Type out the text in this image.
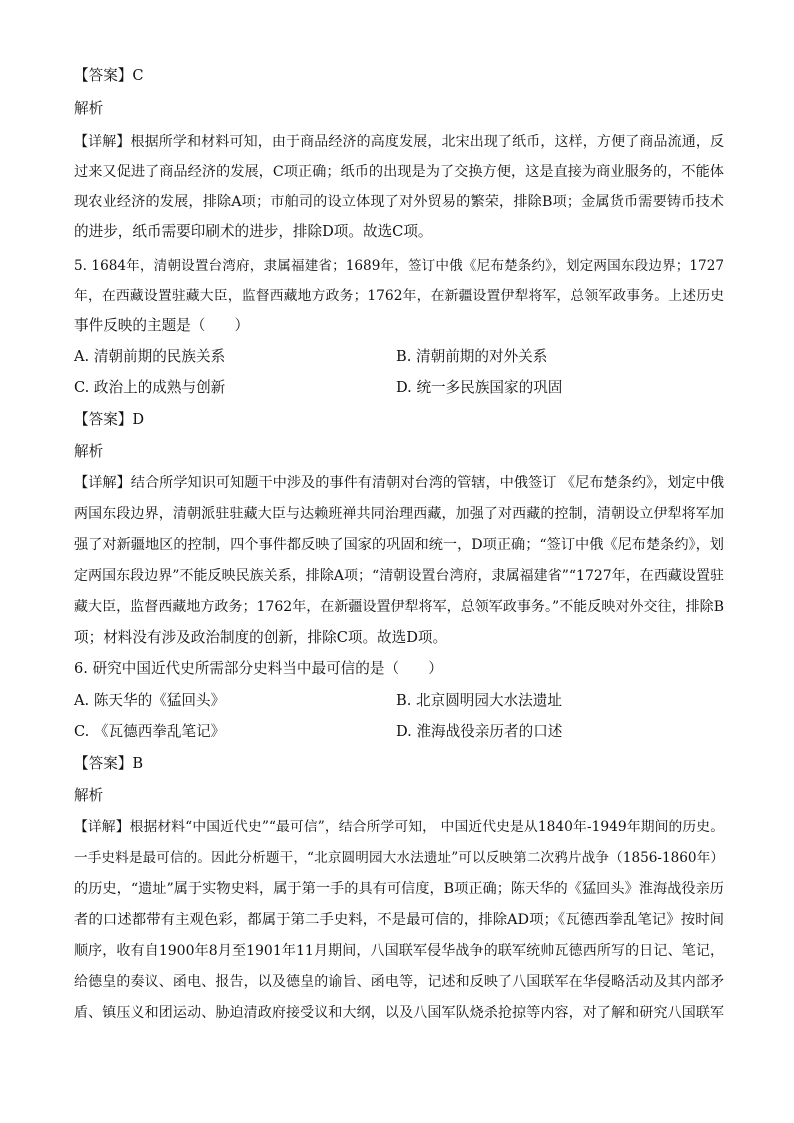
【答案】C
解析
【详解】根据所学和材料可知，由于商品经济的高度发展，北宋出现了纸币，这样，方便了商品流通，反
过来又促进了商品经济的发展，C项正确；纸币的出现是为了交换方便，这是直接为商业服务的，不能体
现农业经济的发展，排除A项；市舶司的设立体现了对外贸易的繁荣，排除B项；金属货币需要铸币技术
的进步，纸币需要印刷术的进步，排除D项。故选C项。
5. 1684年，清朝设置台湾府，隶属福建省；1689年，签订中俄《尼布楚条约》，划定两国东段边界；1727
年，在西藏设置驻藏大臣，监督西藏地方政务；1762年，在新疆设置伊犁将军，总领军政事务。上述历史
事件反映的主题是（　　）
A. 清朝前期的民族关系	B. 清朝前期的对外关系
C. 政治上的成熟与创新	D. 统一多民族国家的巩固
【答案】D
解析
【详解】结合所学知识可知题干中涉及的事件有清朝对台湾的管辖，中俄签订 《尼布楚条约》，划定中俄
两国东段边界，清朝派驻驻藏大臣与达赖班禅共同治理西藏，加强了对西藏的控制，清朝设立伊犁将军加
强了对新疆地区的控制，四个事件都反映了国家的巩固和统一，D项正确；“签订中俄《尼布楚条约》，划
定两国东段边界”不能反映民族关系，排除A项；“清朝设置台湾府，隶属福建省”“1727年，在西藏设置驻
藏大臣，监督西藏地方政务；1762年，在新疆设置伊犁将军，总领军政事务。”不能反映对外交往，排除B
项；材料没有涉及政治制度的创新，排除C项。故选D项。
6. 研究中国近代史所需部分史料当中最可信的是（　　）
A. 陈天华的《猛回头》	B. 北京圆明园大水法遗址
C. 《瓦德西拳乱笔记》	D. 淮海战役亲历者的口述
【答案】B
解析
【详解】根据材料“中国近代史”“最可信”，结合所学可知， 中国近代史是从1840年-1949年期间的历史。
一手史料是最可信的。因此分析题干，“北京圆明园大水法遗址”可以反映第二次鸦片战争（1856-1860年）
的历史，“遗址”属于实物史料，属于第一手的具有可信度，B项正确；陈天华的《猛回头》淮海战役亲历
者的口述都带有主观色彩，都属于第二手史料，不是最可信的，排除AD项；《瓦德西拳乱笔记》按时间
顺序，收有自1900年8月至1901年11月期间，八国联军侵华战争的联军统帅瓦德西所写的日记、笔记，
给德皇的奏议、函电、报告，以及德皇的谕旨、函电等，记述和反映了八国联军在华侵略活动及其内部矛
盾、镇压义和团运动、胁迫清政府接受议和大纲，以及八国军队烧杀抢掠等内容，对了解和研究八国联军
